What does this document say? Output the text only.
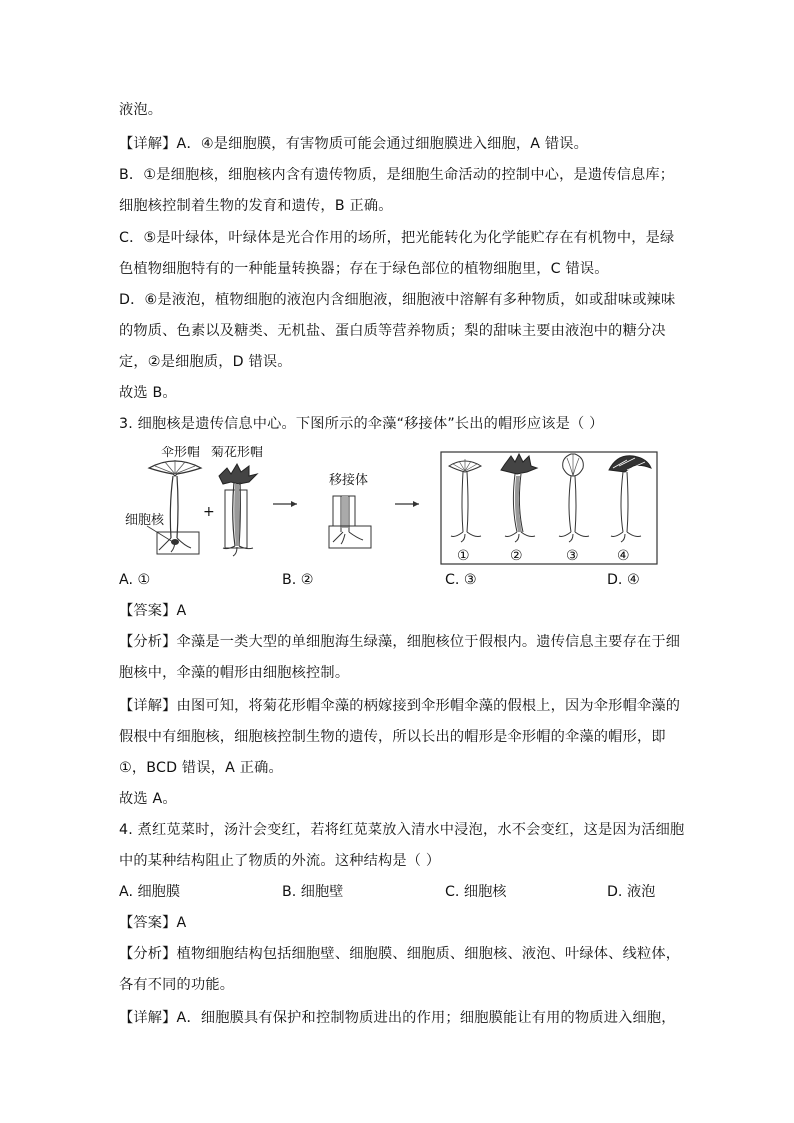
液泡。
【详解】A．④是细胞膜，有害物质可能会通过细胞膜进入细胞，A 错误。
B．①是细胞核，细胞核内含有遗传物质，是细胞生命活动的控制中心，是遗传信息库；
细胞核控制着生物的发育和遗传，B 正确。
C．⑤是叶绿体，叶绿体是光合作用的场所，把光能转化为化学能贮存在有机物中，是绿
色植物细胞特有的一种能量转换器；存在于绿色部位的植物细胞里，C 错误。
D．⑥是液泡，植物细胞的液泡内含细胞液，细胞液中溶解有多种物质，如或甜味或辣味
的物质、色素以及糖类、无机盐、蛋白质等营养物质；梨的甜味主要由液泡中的糖分决
定，②是细胞质，D 错误。
故选 B。
3. 细胞核是遗传信息中心。下图所示的伞藻“移接体”长出的帽形应该是（ ）
伞形帽 菊花形帽
细胞核
+
移接体
①	②	③	④
A. ①	B. ②	C. ③	D. ④
【答案】A
【分析】伞藻是一类大型的单细胞海生绿藻，细胞核位于假根内。遗传信息主要存在于细
胞核中，伞藻的帽形由细胞核控制。
【详解】由图可知，将菊花形帽伞藻的柄嫁接到伞形帽伞藻的假根上，因为伞形帽伞藻的
假根中有细胞核，细胞核控制生物的遗传，所以长出的帽形是伞形帽的伞藻的帽形，即
①，BCD 错误，A 正确。
故选 A。
4. 煮红苋菜时，汤汁会变红，若将红苋菜放入清水中浸泡，水不会变红，这是因为活细胞
中的某种结构阻止了物质的外流。这种结构是（ ）
A. 细胞膜	B. 细胞壁	C. 细胞核	D. 液泡
【答案】A
【分析】植物细胞结构包括细胞壁、细胞膜、细胞质、细胞核、液泡、叶绿体、线粒体，
各有不同的功能。
【详解】A．细胞膜具有保护和控制物质进出的作用；细胞膜能让有用的物质进入细胞，
